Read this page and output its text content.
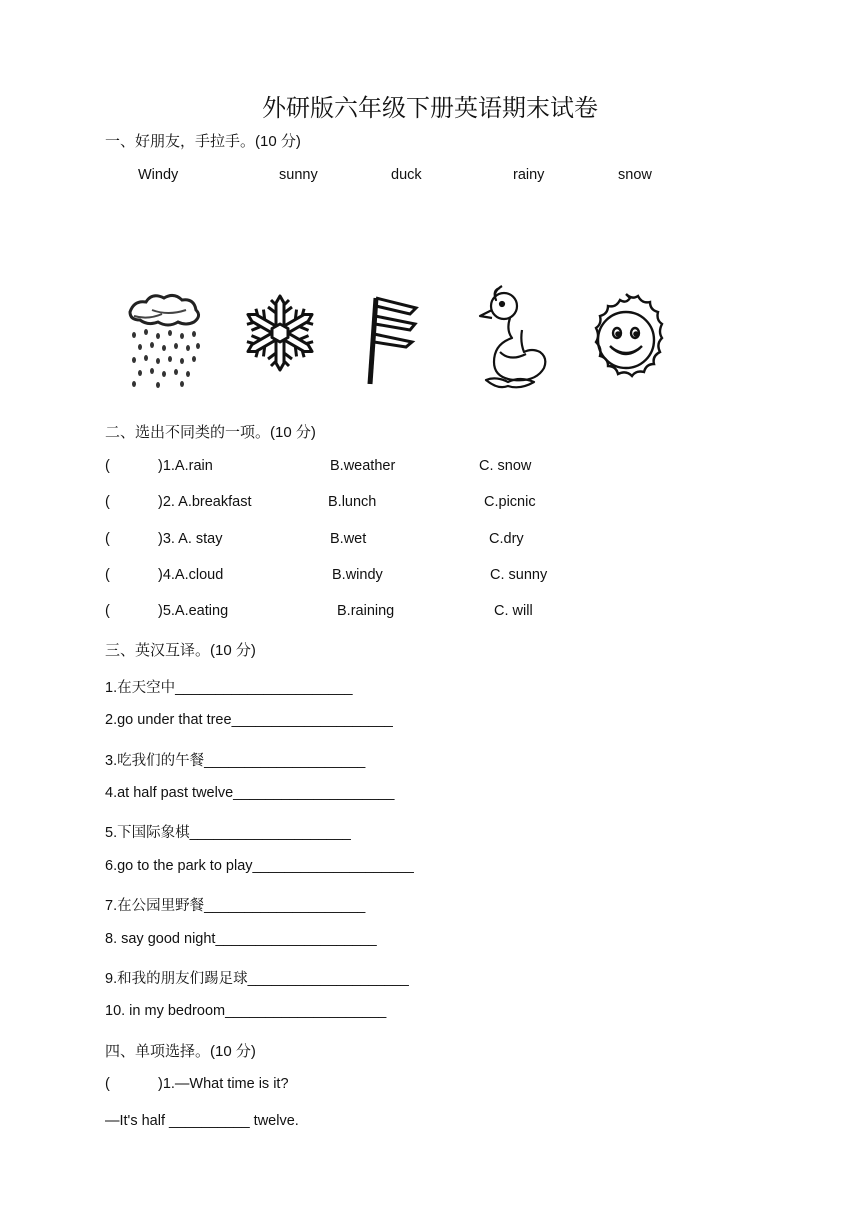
外研版六年级下册英语期末试卷
一、好朋友，手拉手。(10 分)
Windy	sunny	duck	rainy	snow
二、选出不同类的一项。(10 分)
(	)1.A.rain	B.weather	C. snow
(	)2. A.breakfast	B.lunch	C.picnic
(	)3. A. stay	B.wet	C.dry
(	)4.A.cloud	B.windy	C. sunny
(	)5.A.eating	B.raining	C. will
三、英汉互译。(10 分)
1.在天空中______________________
2.go under that tree____________________
3.吃我们的午餐____________________
4.at half past twelve____________________
5.下国际象棋____________________
6.go to the park to play____________________
7.在公园里野餐____________________
8. say good night____________________
9.和我的朋友们踢足球____________________
10. in my bedroom____________________
四、单项选择。(10 分)
(	)1.—What time is it?
—It's half __________ twelve.
